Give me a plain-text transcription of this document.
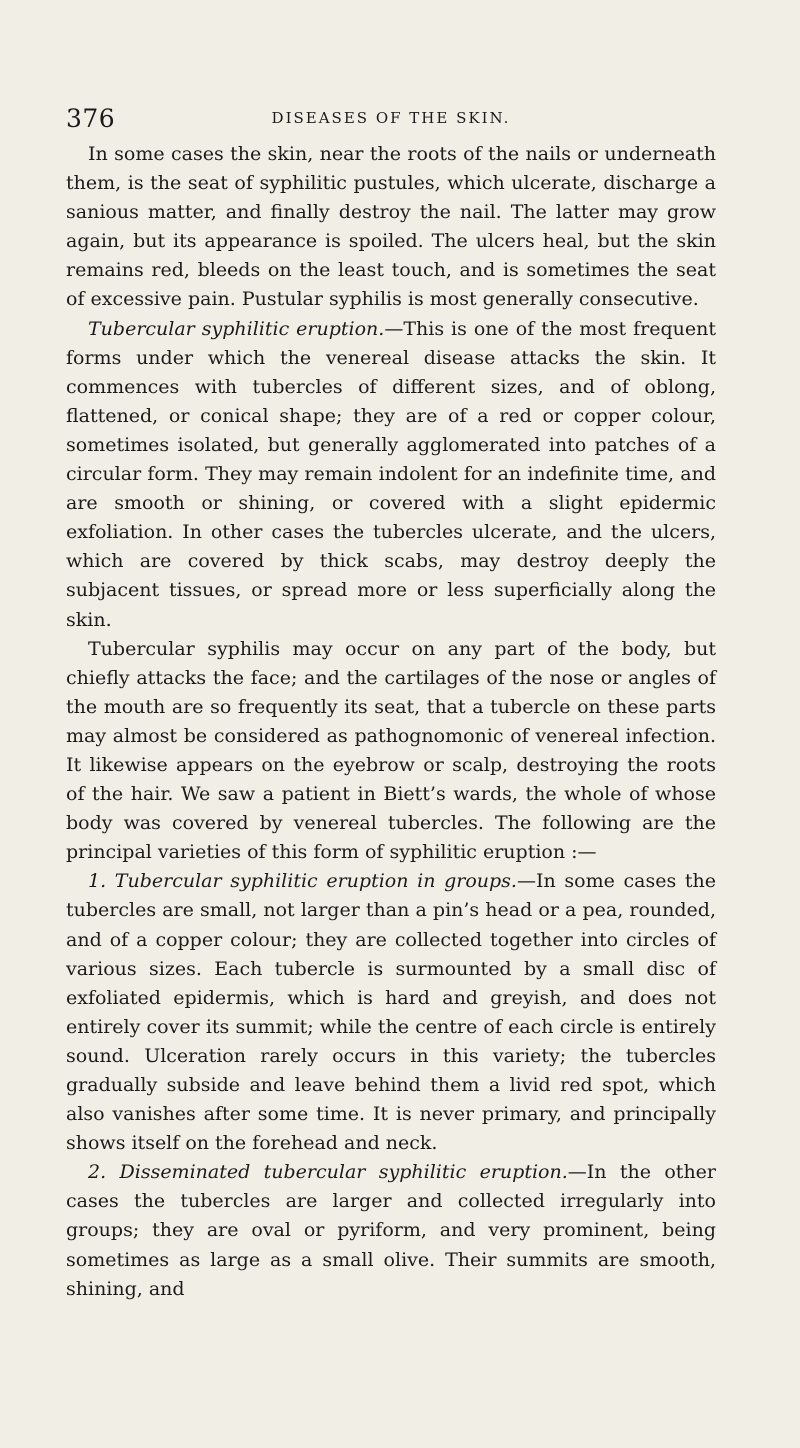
376	DISEASES OF THE SKIN.

In some cases the skin, near the roots of the nails or underneath them, is the seat of syphilitic pustules, which ulcerate, discharge a sanious matter, and finally destroy the nail. The latter may grow again, but its appearance is spoiled. The ulcers heal, but the skin remains red, bleeds on the least touch, and is sometimes the seat of excessive pain. Pustular syphilis is most generally consecutive.

Tubercular syphilitic eruption.—This is one of the most frequent forms under which the venereal disease attacks the skin. It commences with tubercles of different sizes, and of oblong, flattened, or conical shape; they are of a red or copper colour, sometimes isolated, but generally agglomerated into patches of a circular form. They may remain indolent for an indefinite time, and are smooth or shining, or covered with a slight epidermic exfoliation. In other cases the tubercles ulcerate, and the ulcers, which are covered by thick scabs, may destroy deeply the subjacent tissues, or spread more or less superficially along the skin.

Tubercular syphilis may occur on any part of the body, but chiefly attacks the face; and the cartilages of the nose or angles of the mouth are so frequently its seat, that a tubercle on these parts may almost be considered as pathognomonic of venereal infection. It likewise appears on the eyebrow or scalp, destroying the roots of the hair. We saw a patient in Biett’s wards, the whole of whose body was covered by venereal tubercles. The following are the principal varieties of this form of syphilitic eruption :—

1. Tubercular syphilitic eruption in groups.—In some cases the tubercles are small, not larger than a pin’s head or a pea, rounded, and of a copper colour; they are collected together into circles of various sizes. Each tubercle is surmounted by a small disc of exfoliated epidermis, which is hard and greyish, and does not entirely cover its summit; while the centre of each circle is entirely sound. Ulceration rarely occurs in this variety; the tubercles gradually subside and leave behind them a livid red spot, which also vanishes after some time. It is never primary, and principally shows itself on the forehead and neck.

2. Disseminated tubercular syphilitic eruption.—In the other cases the tubercles are larger and collected irregularly into groups; they are oval or pyriform, and very prominent, being sometimes as large as a small olive. Their summits are smooth, shining, and
